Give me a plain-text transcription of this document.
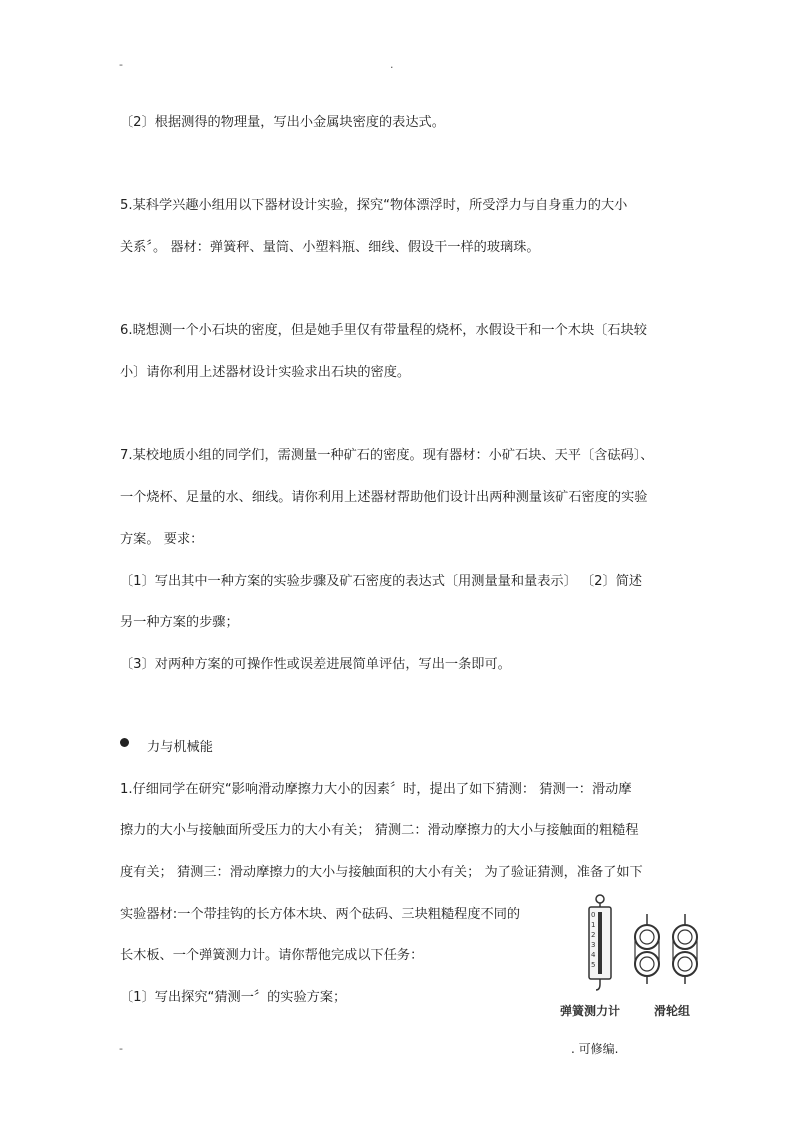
-	.
〔2〕根据测得的物理量，写出小金属块密度的表达式。
5.某科学兴趣小组用以下器材设计实验，探究“物体漂浮时，所受浮力与自身重力的大小
关系〞。 器材：弹簧秤、量筒、小塑料瓶、细线、假设干一样的玻璃珠。
6.晓想测一个小石块的密度，但是她手里仅有带量程的烧杯，水假设干和一个木块〔石块较
小〕请你利用上述器材设计实验求出石块的密度。
7.某校地质小组的同学们，需测量一种矿石的密度。现有器材：小矿石块、天平〔含砝码〕、
一个烧杯、足量的水、细线。请你利用上述器材帮助他们设计出两种测量该矿石密度的实验
方案。 要求：
〔1〕写出其中一种方案的实验步骤及矿石密度的表达式〔用测量量和量表示〕 〔2〕简述
另一种方案的步骤；
〔3〕对两种方案的可操作性或误差进展简单评估，写出一条即可。
力与机械能
1.仔细同学在研究“影响滑动摩擦力大小的因素〞时，提出了如下猜测： 猜测一：滑动摩
擦力的大小与接触面所受压力的大小有关； 猜测二：滑动摩擦力的大小与接触面的粗糙程
度有关； 猜测三：滑动摩擦力的大小与接触面积的大小有关； 为了验证猜测，准备了如下
实验器材:一个带挂钩的长方体木块、两个砝码、三块粗糙程度不同的
长木板、一个弹簧测力计。请你帮他完成以下任务：
〔1〕写出探究“猜测一〞的实验方案；
0
1
2
3
4
5
弹簧测力计	滑轮组
-	. 可修编.
